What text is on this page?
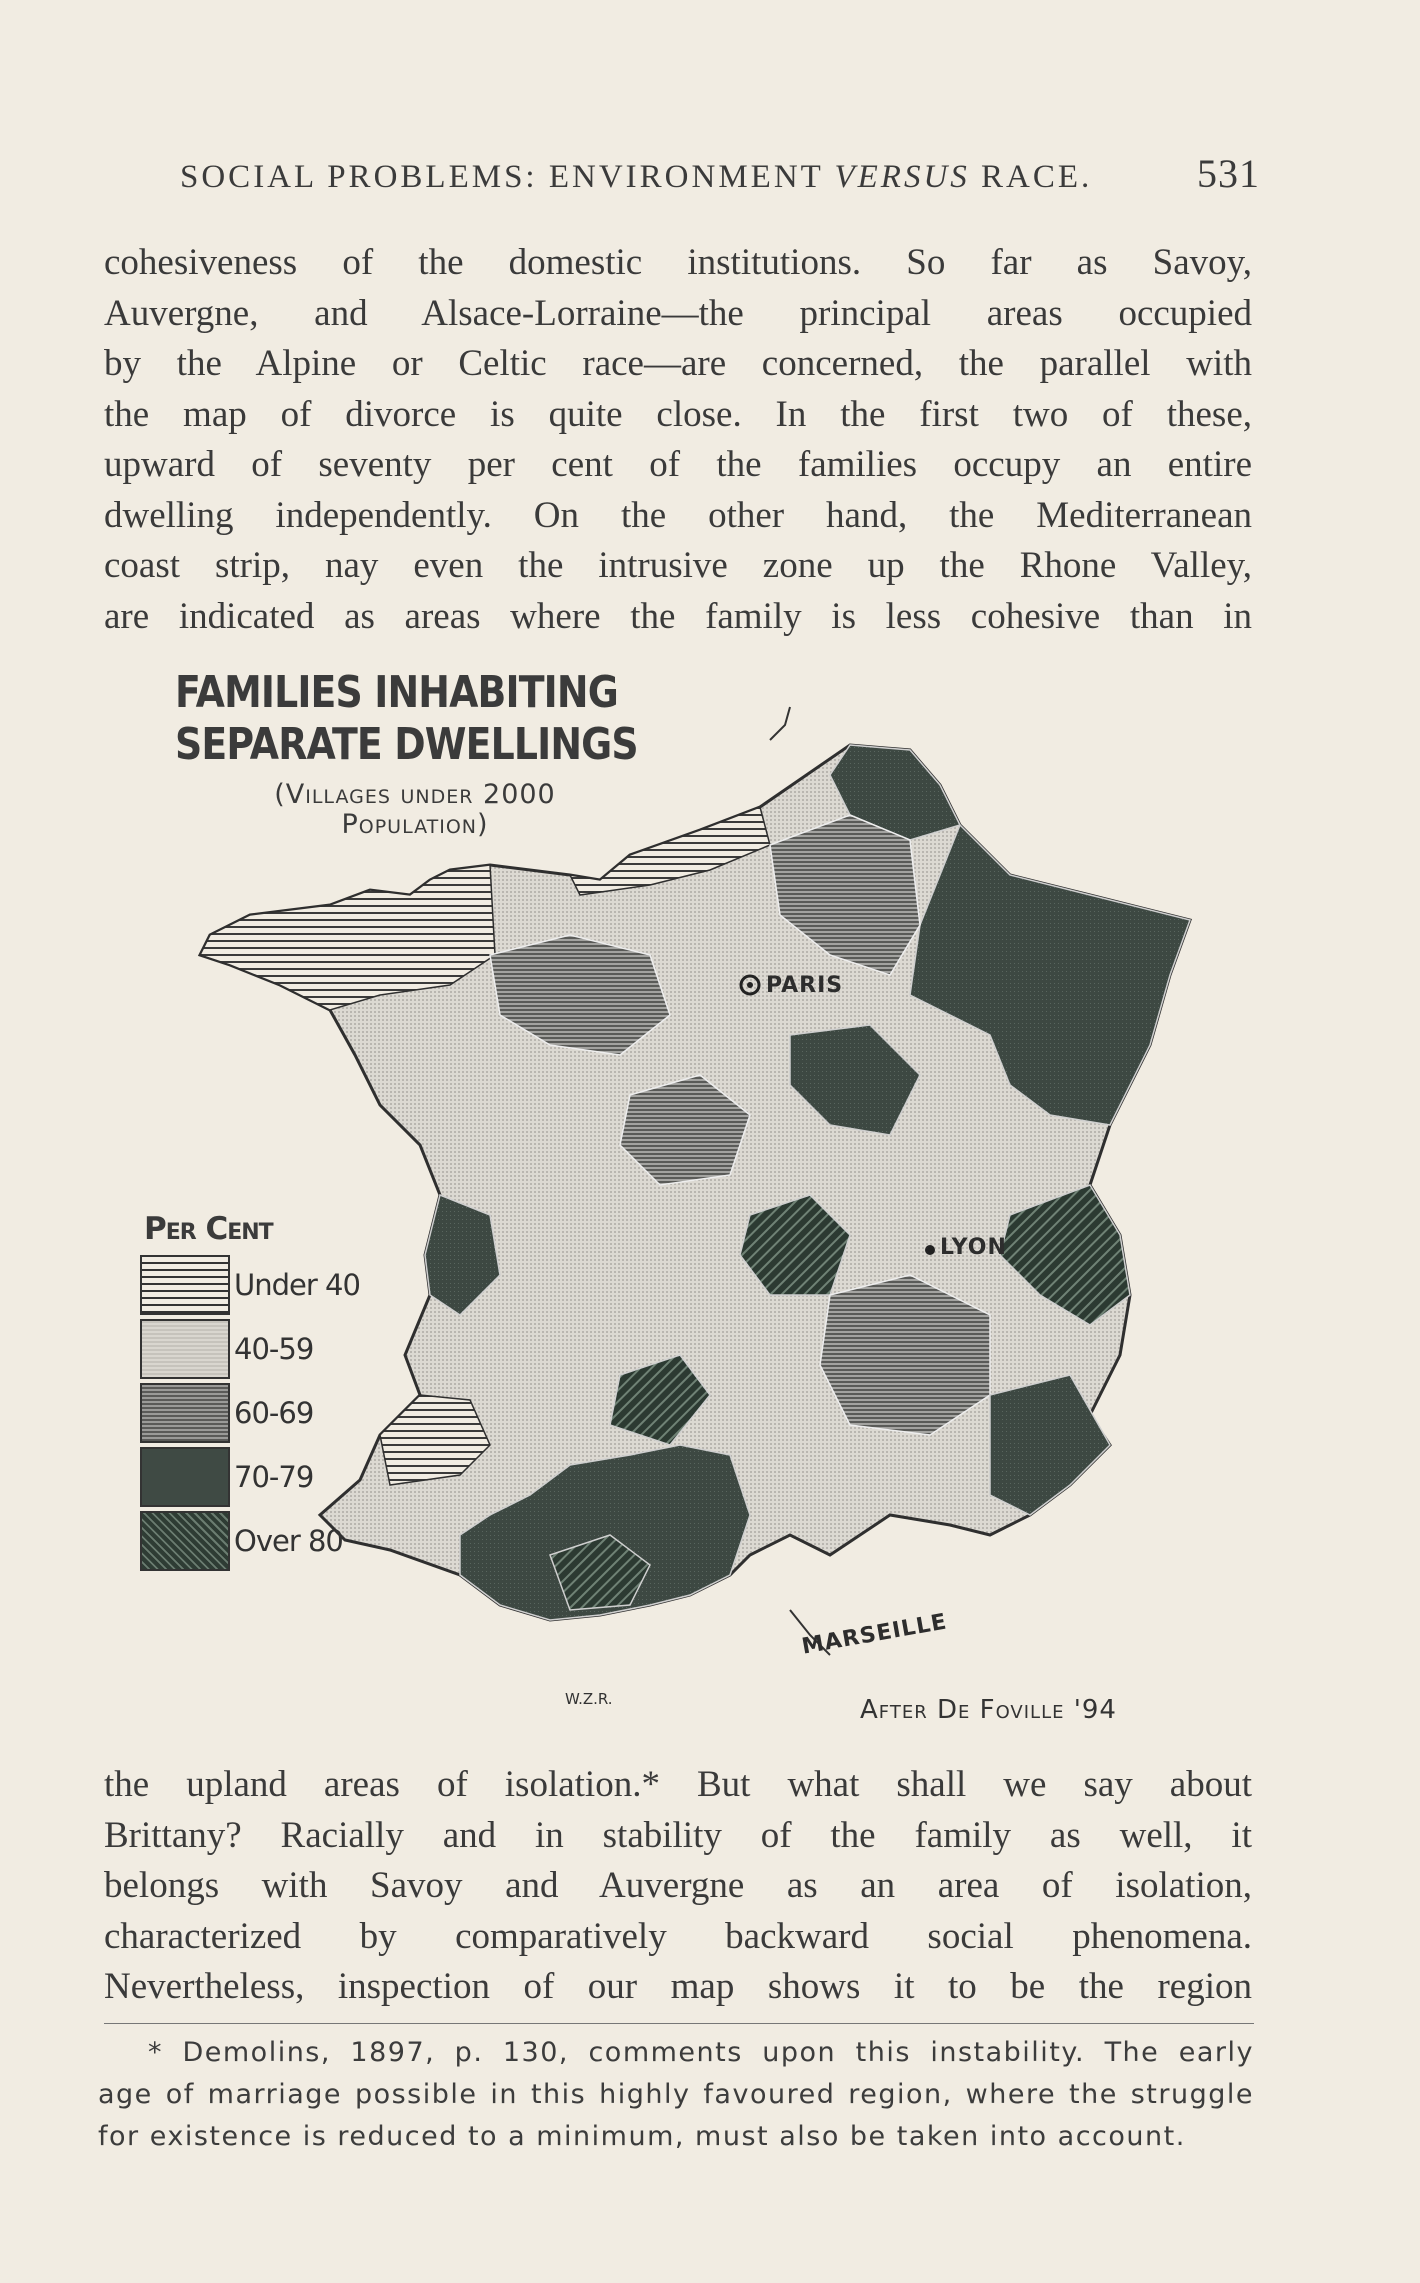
SOCIAL PROBLEMS: ENVIRONMENT VERSUS RACE.	531
cohesiveness of the domestic institutions. So far as Savoy,
Auvergne, and Alsace-Lorraine—the principal areas occupied
by the Alpine or Celtic race—are concerned, the parallel with
the map of divorce is quite close. In the first two of these,
upward of seventy per cent of the families occupy an entire
dwelling independently. On the other hand, the Mediterranean
coast strip, nay even the intrusive zone up the Rhone Valley,
are indicated as areas where the family is less cohesive than in
FAMILIES INHABITING
SEPARATE DWELLINGS
(Villages under 2000
Population)
Per Cent
Under 40
40-59
60-69
70-79
Over 80
PARIS
LYON
MARSEILLE
After De Foville '94
W.Z.R.
the upland areas of isolation.* But what shall we say about
Brittany? Racially and in stability of the family as well, it
belongs with Savoy and Auvergne as an area of isolation,
characterized by comparatively backward social phenomena.
Nevertheless, inspection of our map shows it to be the region
* Demolins, 1897, p. 130, comments upon this instability. The early
age of marriage possible in this highly favoured region, where the struggle
for existence is reduced to a minimum, must also be taken into account.
